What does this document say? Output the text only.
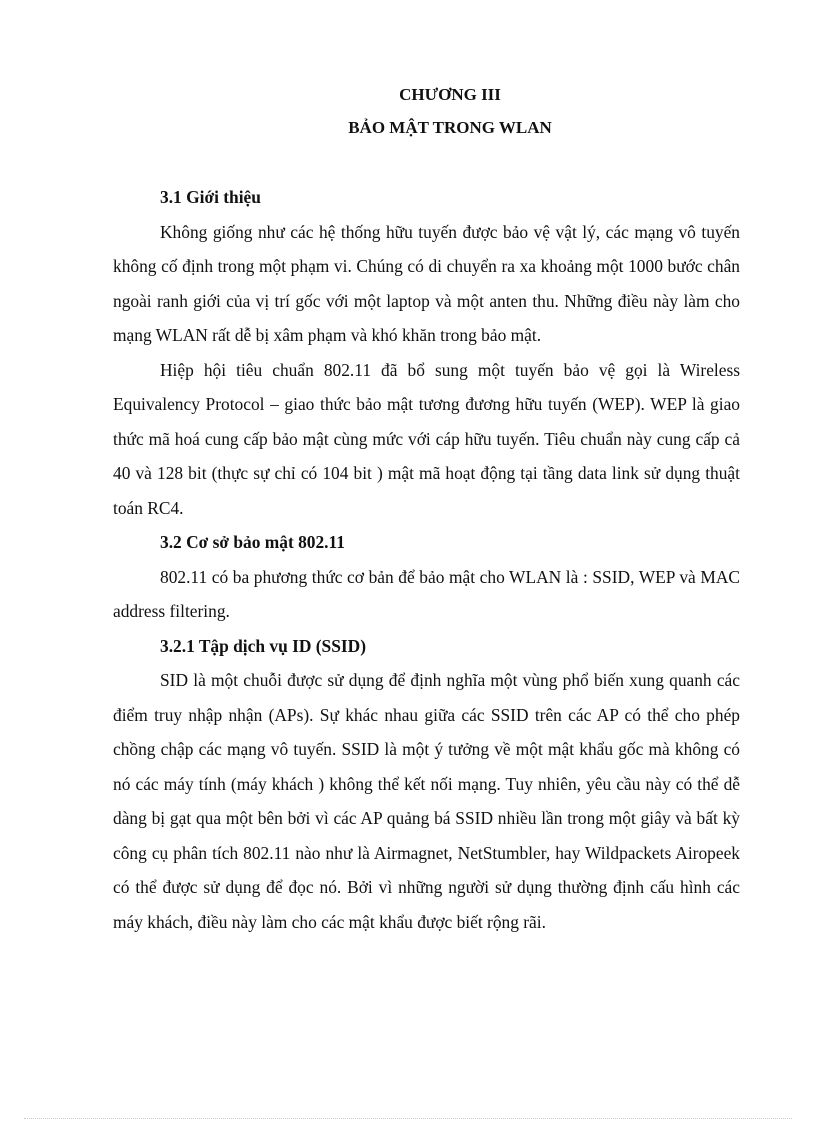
CHƯƠNG III
BẢO MẬT TRONG WLAN
3.1 Giới thiệu

Không giống như các hệ thống hữu tuyến được bảo vệ vật lý, các mạng vô tuyến không cố định trong một phạm vi. Chúng có di chuyển ra xa khoảng một 1000 bước chân ngoài ranh giới của vị trí gốc với một laptop và một anten thu. Những điều này làm cho mạng WLAN rất dễ bị xâm phạm và khó khăn trong bảo mật.

Hiệp hội tiêu chuẩn 802.11 đã bổ sung một tuyến bảo vệ gọi là Wireless Equivalency Protocol – giao thức bảo mật tương đương hữu tuyến (WEP). WEP là giao thức mã hoá cung cấp bảo mật cùng mức với cáp hữu tuyến. Tiêu chuẩn này cung cấp cả 40 và 128 bit (thực sự chỉ có 104 bit ) mật mã hoạt động tại tầng data link sử dụng thuật toán RC4.

3.2 Cơ sở bảo mật 802.11

802.11 có ba phương thức cơ bản để bảo mật cho WLAN là : SSID, WEP và MAC address filtering.

3.2.1 Tập dịch vụ ID (SSID)

SID là một chuỗi được sử dụng để định nghĩa một vùng phổ biến xung quanh các điểm truy nhập nhận (APs). Sự khác nhau giữa các SSID trên các AP có thể cho phép chồng chập các mạng vô tuyến. SSID là một ý tưởng về một mật khẩu gốc mà không có nó các máy tính (máy khách ) không thể kết nối mạng. Tuy nhiên, yêu cầu này có thể dễ dàng bị gạt qua một bên bởi vì các AP quảng bá SSID nhiều lần trong một giây và bất kỳ công cụ phân tích 802.11 nào như là Airmagnet, NetStumbler, hay Wildpackets Airopeek có thể được sử dụng để đọc nó. Bởi vì những người sử dụng thường định cấu hình các máy khách, điều này làm cho các mật khẩu được biết rộng rãi.
